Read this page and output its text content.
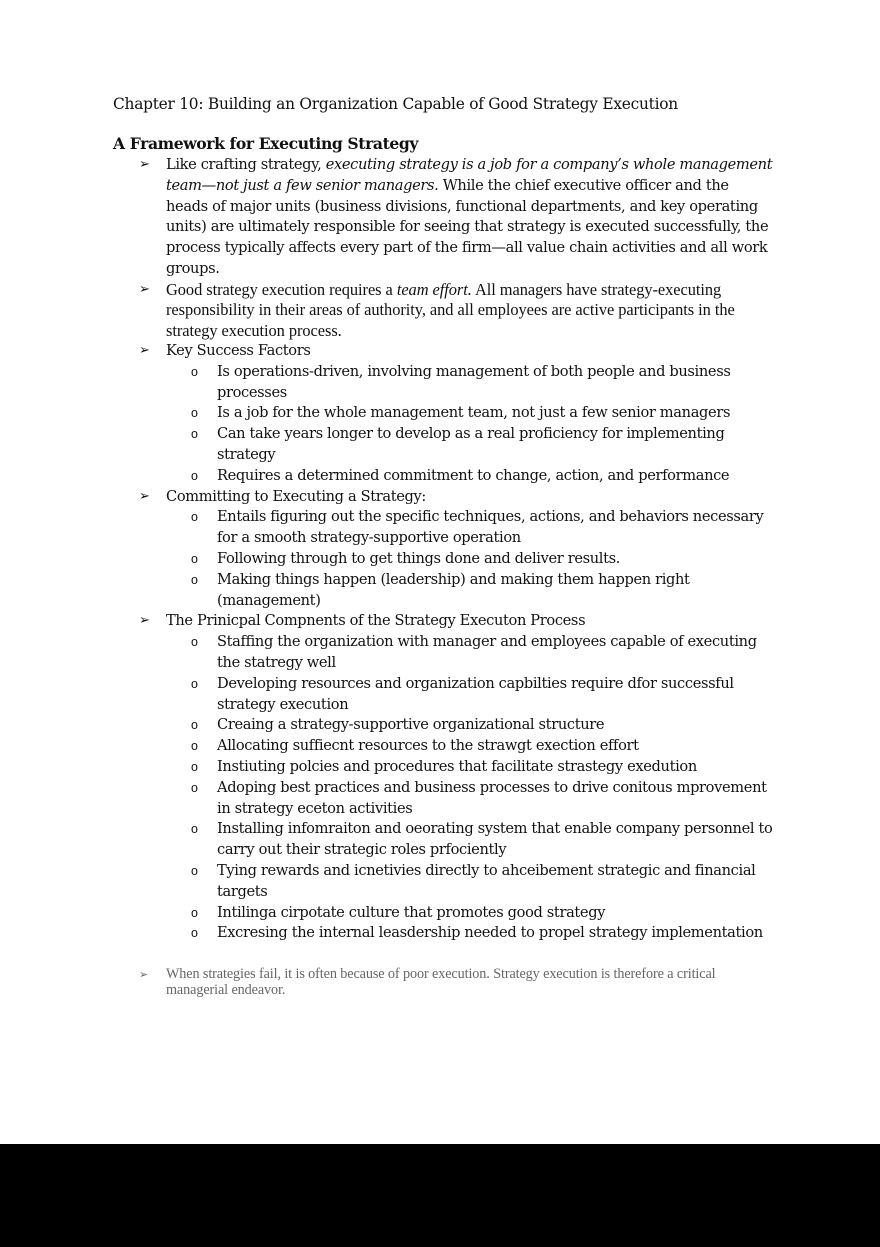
Chapter 10: Building an Organization Capable of Good Strategy Execution
A Framework for Executing Strategy
➢ Like crafting strategy, executing strategy is a job for a company’s whole management team—not just a few senior managers. While the chief executive officer and the heads of major units (business divisions, functional departments, and key operating units) are ultimately responsible for seeing that strategy is executed successfully, the process typically affects every part of the firm—all value chain activities and all work groups.
➢ Good strategy execution requires a team effort. All managers have strategy-executing responsibility in their areas of authority, and all employees are active participants in the strategy execution process.
➢ Key Success Factors
o Is operations-driven, involving management of both people and business processes
o Is a job for the whole management team, not just a few senior managers
o Can take years longer to develop as a real proficiency for implementing strategy
o Requires a determined commitment to change, action, and performance
➢ Committing to Executing a Strategy:
o Entails figuring out the specific techniques, actions, and behaviors necessary for a smooth strategy-supportive operation
o Following through to get things done and deliver results.
o Making things happen (leadership) and making them happen right (management)
➢ The Prinicpal Compnents of the Strategy Executon Process
o Staffing the organization with manager and employees capable of executing the statregy well
o Developing resources and organization capbilties require dfor successful strategy execution
o Creaing a strategy-supportive organizational structure
o Allocating suffiecnt resources to the strawgt exection effort
o Instiuting polcies and procedures that facilitate strastegy exedution
o Adoping best practices and business processes to drive conitous mprovement in strategy eceton activities
o Installing infomraiton and oeorating system that enable company personnel to carry out their strategic roles prfociently
o Tying rewards and icnetivies directly to ahceibement strategic and financial targets
o Intilinga cirpotate culture that promotes good strategy
o Excresing the internal leasdership needed to propel strategy implementation
➢ When strategies fail, it is often because of poor execution. Strategy execution is therefore a critical managerial endeavor.
